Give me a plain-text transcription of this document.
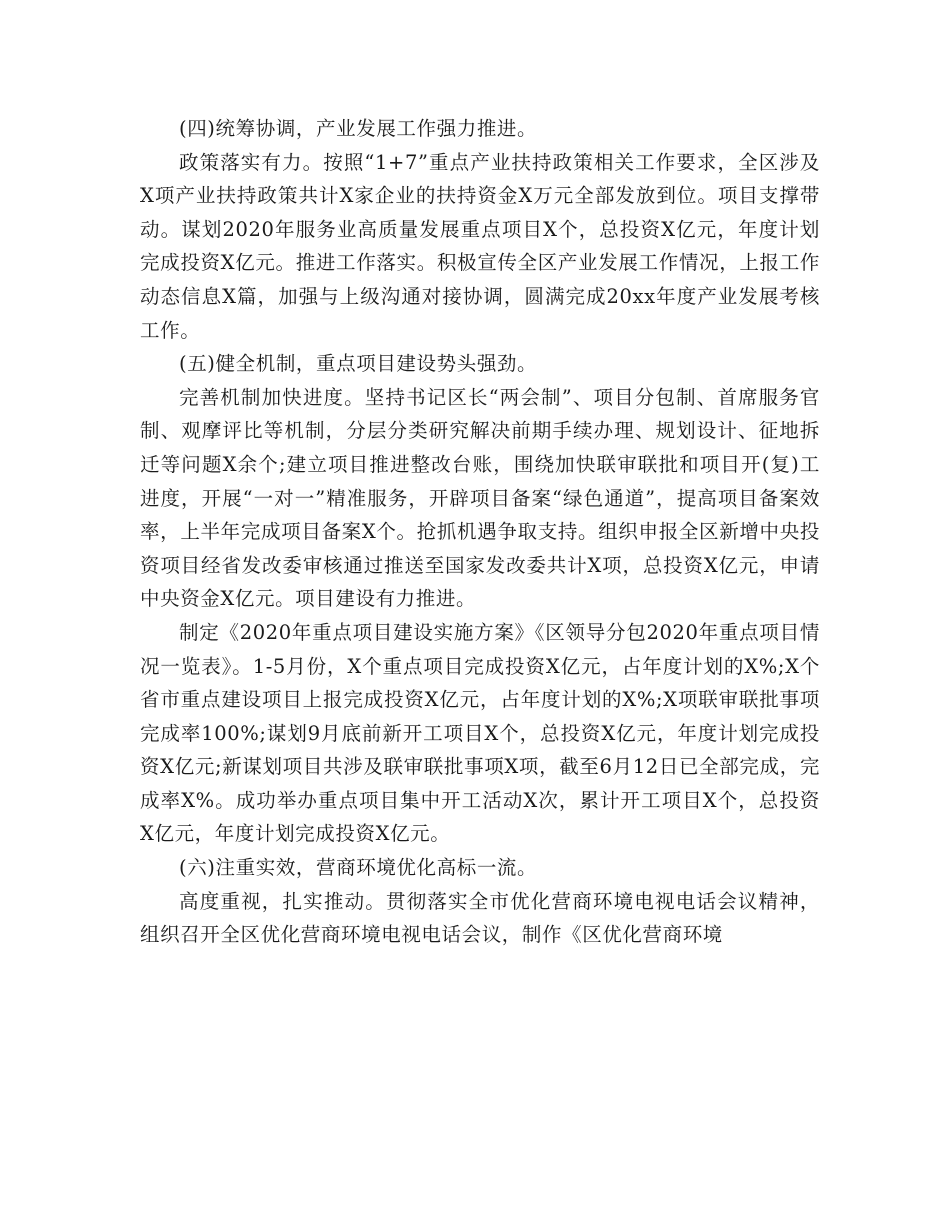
(四)统筹协调，产业发展工作强力推进。

政策落实有力。按照“1+7”重点产业扶持政策相关工作要求，全区涉及X项产业扶持政策共计X家企业的扶持资金X万元全部发放到位。项目支撑带动。谋划2020年服务业高质量发展重点项目X个，总投资X亿元，年度计划完成投资X亿元。推进工作落实。积极宣传全区产业发展工作情况，上报工作动态信息X篇，加强与上级沟通对接协调，圆满完成20xx年度产业发展考核工作。

(五)健全机制，重点项目建设势头强劲。

完善机制加快进度。坚持书记区长“两会制”、项目分包制、首席服务官制、观摩评比等机制，分层分类研究解决前期手续办理、规划设计、征地拆迁等问题X余个;建立项目推进整改台账，围绕加快联审联批和项目开(复)工进度，开展“一对一”精准服务，开辟项目备案“绿色通道”，提高项目备案效率，上半年完成项目备案X个。抢抓机遇争取支持。组织申报全区新增中央投资项目经省发改委审核通过推送至国家发改委共计X项，总投资X亿元，申请中央资金X亿元。项目建设有力推进。

制定《2020年重点项目建设实施方案》《区领导分包2020年重点项目情况一览表》。1-5月份，X个重点项目完成投资X亿元，占年度计划的X%;X个省市重点建设项目上报完成投资X亿元，占年度计划的X%;X项联审联批事项完成率100%;谋划9月底前新开工项目X个，总投资X亿元，年度计划完成投资X亿元;新谋划项目共涉及联审联批事项X项，截至6月12日已全部完成，完成率X%。成功举办重点项目集中开工活动X次，累计开工项目X个，总投资X亿元，年度计划完成投资X亿元。

(六)注重实效，营商环境优化高标一流。

高度重视，扎实推动。贯彻落实全市优化营商环境电视电话会议精神，组织召开全区优化营商环境电视电话会议，制作《区优化营商环境
